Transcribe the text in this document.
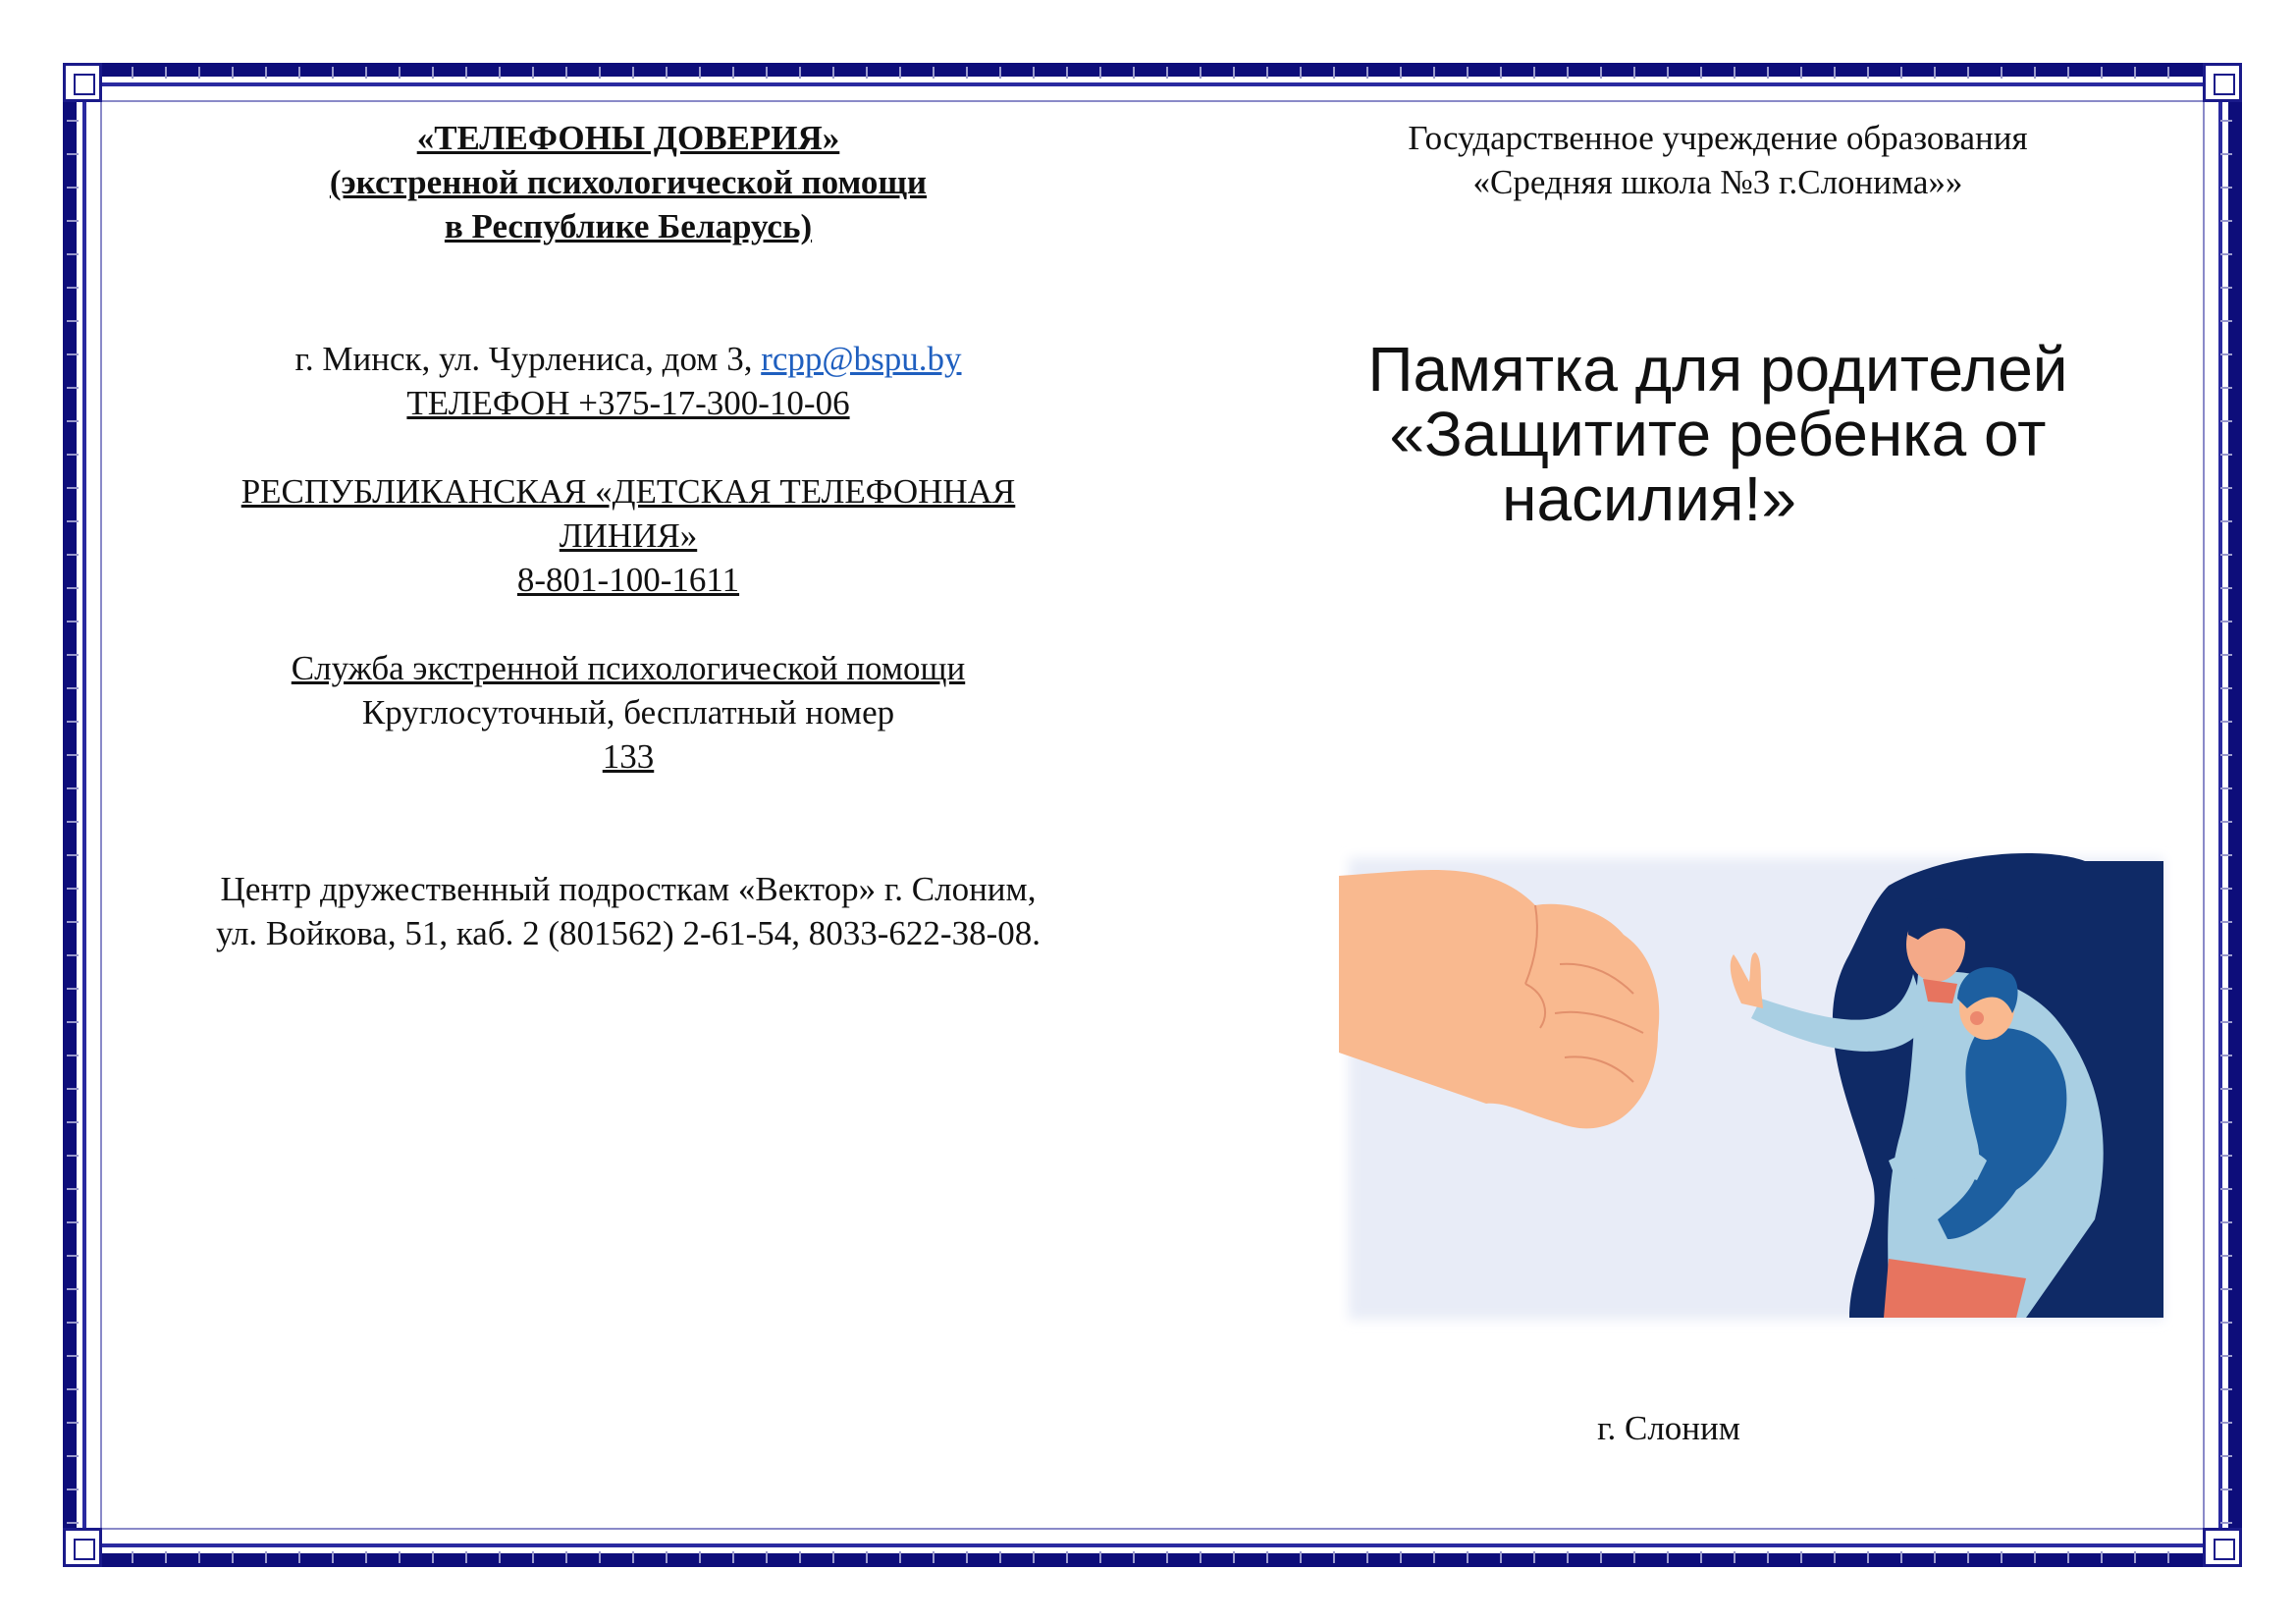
«ТЕЛЕФОНЫ ДОВЕРИЯ»

(экстренной психологической помощи

в Республике Беларусь)

г. Минск, ул. Чурлениса, дом 3, rcpp@bspu.by

ТЕЛЕФОН +375-17-300-10-06

РЕСПУБЛИКАНСКАЯ «ДЕТСКАЯ ТЕЛЕФОННАЯ ЛИНИЯ»

8-801-100-1611

Служба экстренной психологической помощи

Круглосуточный, бесплатный номер

133

Центр дружественный подросткам «Вектор» г. Слоним,

ул. Войкова, 51, каб. 2 (801562) 2-61-54, 8033-622-38-08.

Государственное учреждение образования

«Средняя школа №3 г.Слонима»»

Памятка для родителей
«Защитите ребенка от
насилия!»
г. Слоним
